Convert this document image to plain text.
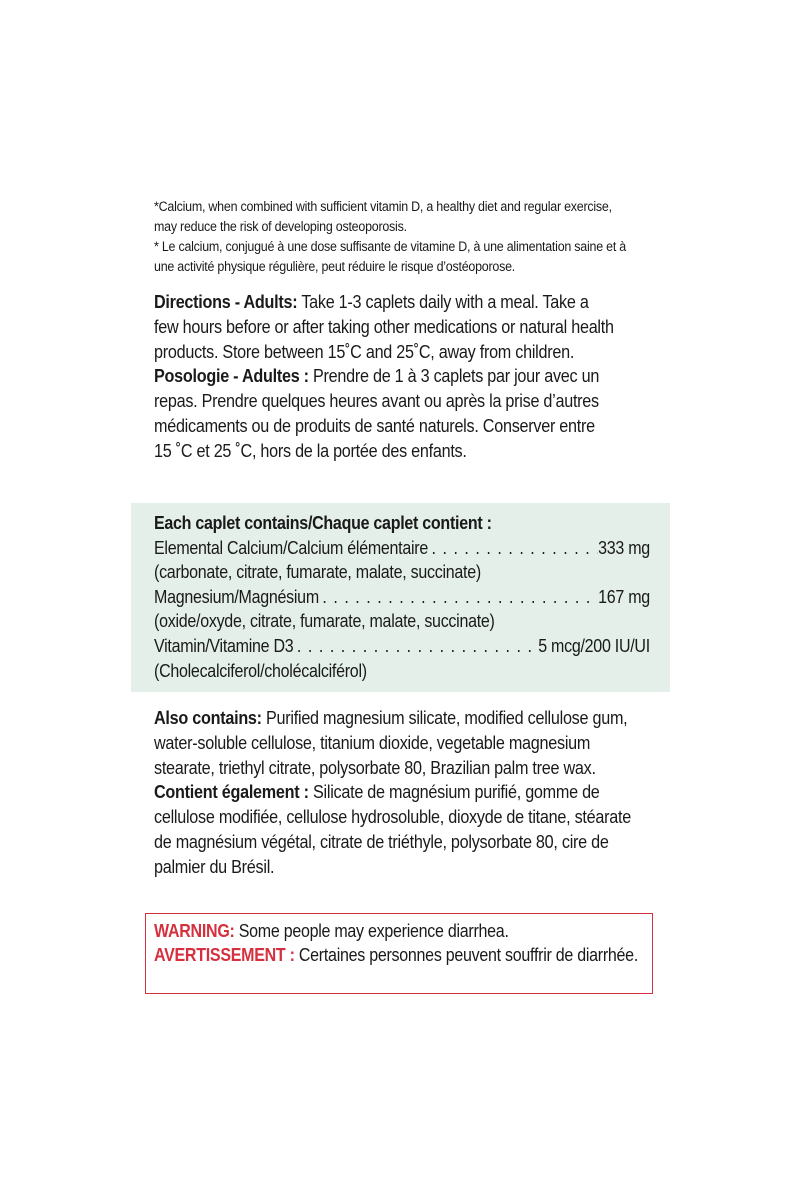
*Calcium, when combined with sufficient vitamin D, a healthy diet and regular exercise, may reduce the risk of developing osteoporosis.

* Le calcium, conjugué à une dose suffisante de vitamine D, à une alimentation saine et à une activité physique régulière, peut réduire le risque d’ostéoporose.

Directions - Adults: Take 1-3 caplets daily with a meal. Take a few hours before or after taking other medications or natural health products. Store between 15˚C and 25˚C, away from children.

Posologie - Adultes : Prendre de 1 à 3 caplets par jour avec un repas. Prendre quelques heures avant ou après la prise d’autres médicaments ou de produits de santé naturels. Conserver entre 15 ˚C et 25 ˚C, hors de la portée des enfants.

Each caplet contains/Chaque caplet contient :

Elemental Calcium/Calcium élémentaire . . .	333 mg

(carbonate, citrate, fumarate, malate, succinate)

Magnesium/Magnésium . . .	167 mg

(oxide/oxyde, citrate, fumarate, malate, succinate)

Vitamin/Vitamine D3 . . .	5 mcg/200 IU/UI

(Cholecalciferol/cholécalciférol)

Also contains: Purified magnesium silicate, modified cellulose gum, water-soluble cellulose, titanium dioxide, vegetable magnesium stearate, triethyl citrate, polysorbate 80, Brazilian palm tree wax.

Contient également : Silicate de magnésium purifié, gomme de cellulose modifiée, cellulose hydrosoluble, dioxyde de titane, stéarate de magnésium végétal, citrate de triéthyle, polysorbate 80, cire de palmier du Brésil.

WARNING: Some people may experience diarrhea.

AVERTISSEMENT : Certaines personnes peuvent souffrir de diarrhée.
